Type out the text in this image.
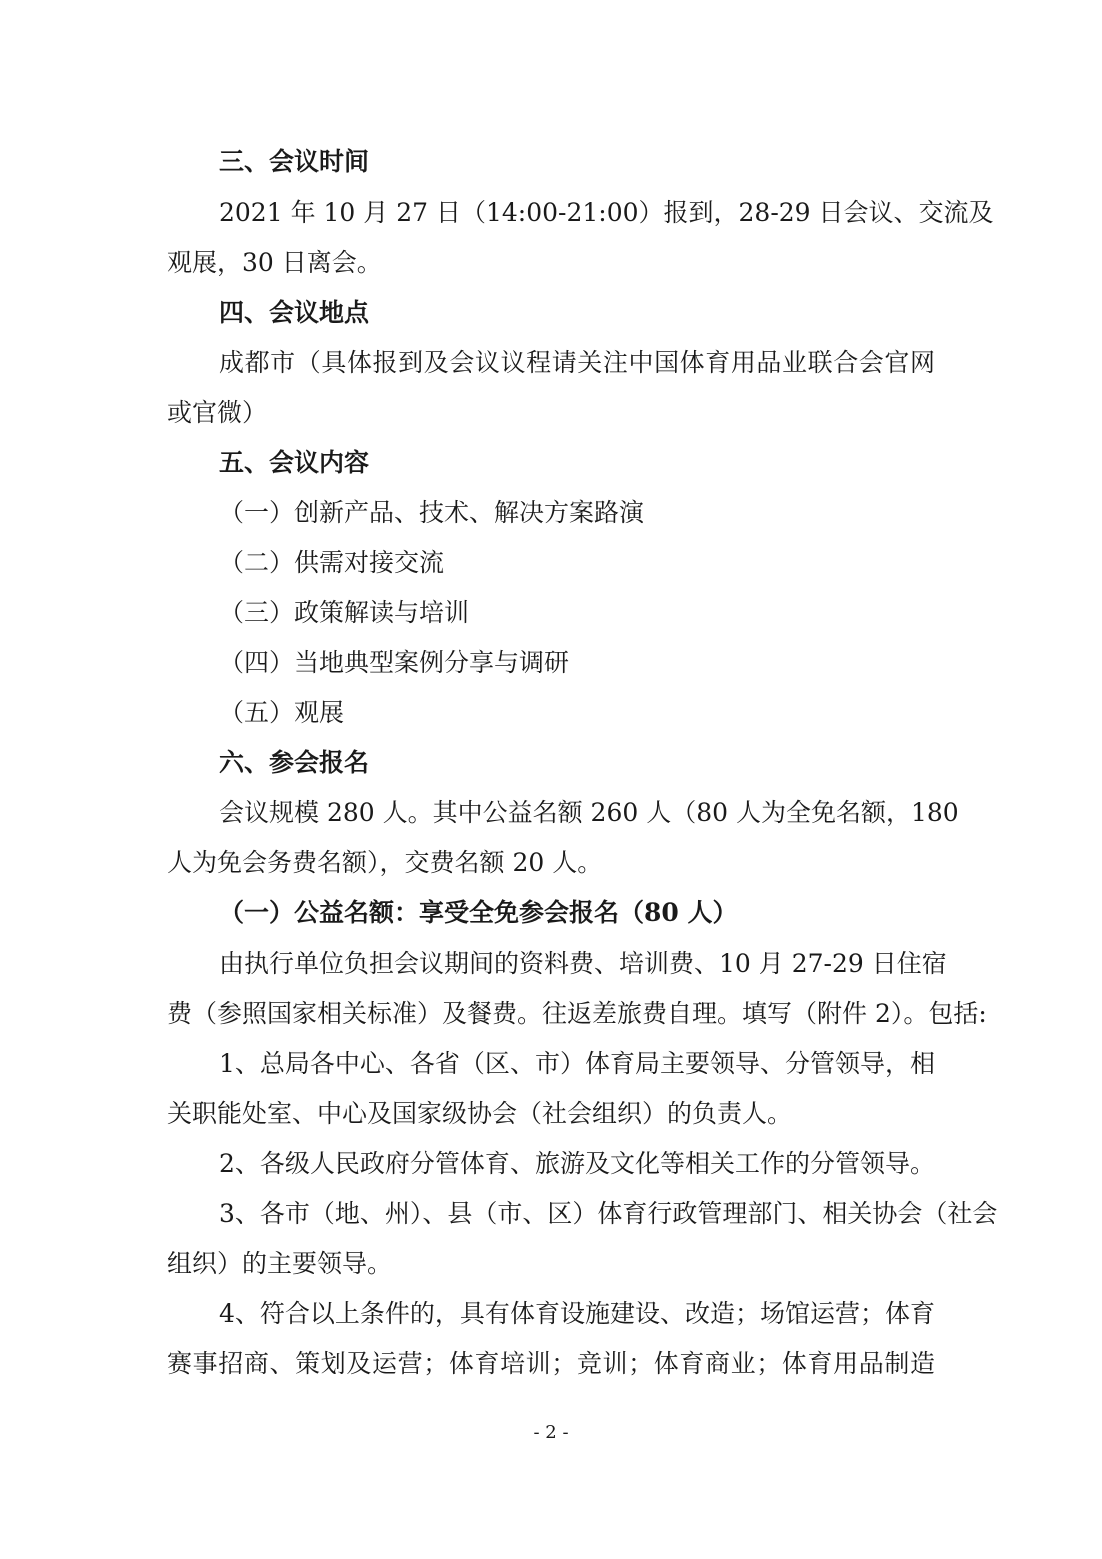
三、会议时间
2021 年 10 月 27 日（14:00-21:00）报到，28-29 日会议、交流及
观展，30 日离会。
四、会议地点
成都市（具体报到及会议议程请关注中国体育用品业联合会官网
或官微）
五、会议内容
（一）创新产品、技术、解决方案路演
（二）供需对接交流
（三）政策解读与培训
（四）当地典型案例分享与调研
（五）观展
六、参会报名
会议规模 280 人。其中公益名额 260 人（80 人为全免名额，180
人为免会务费名额），交费名额 20 人。
（一）公益名额：享受全免参会报名（80 人）
由执行单位负担会议期间的资料费、培训费、10 月 27-29 日住宿
费（参照国家相关标准）及餐费。往返差旅费自理。填写（附件 2）。包括:
1、总局各中心、各省（区、市）体育局主要领导、分管领导，相
关职能处室、中心及国家级协会（社会组织）的负责人。
2、各级人民政府分管体育、旅游及文化等相关工作的分管领导。
3、各市（地、州）、县（市、区）体育行政管理部门、相关协会（社会
组织）的主要领导。
4、符合以上条件的，具有体育设施建设、改造；场馆运营；体育
赛事招商、策划及运营；体育培训；竞训；体育商业；体育用品制造
- 2 -
